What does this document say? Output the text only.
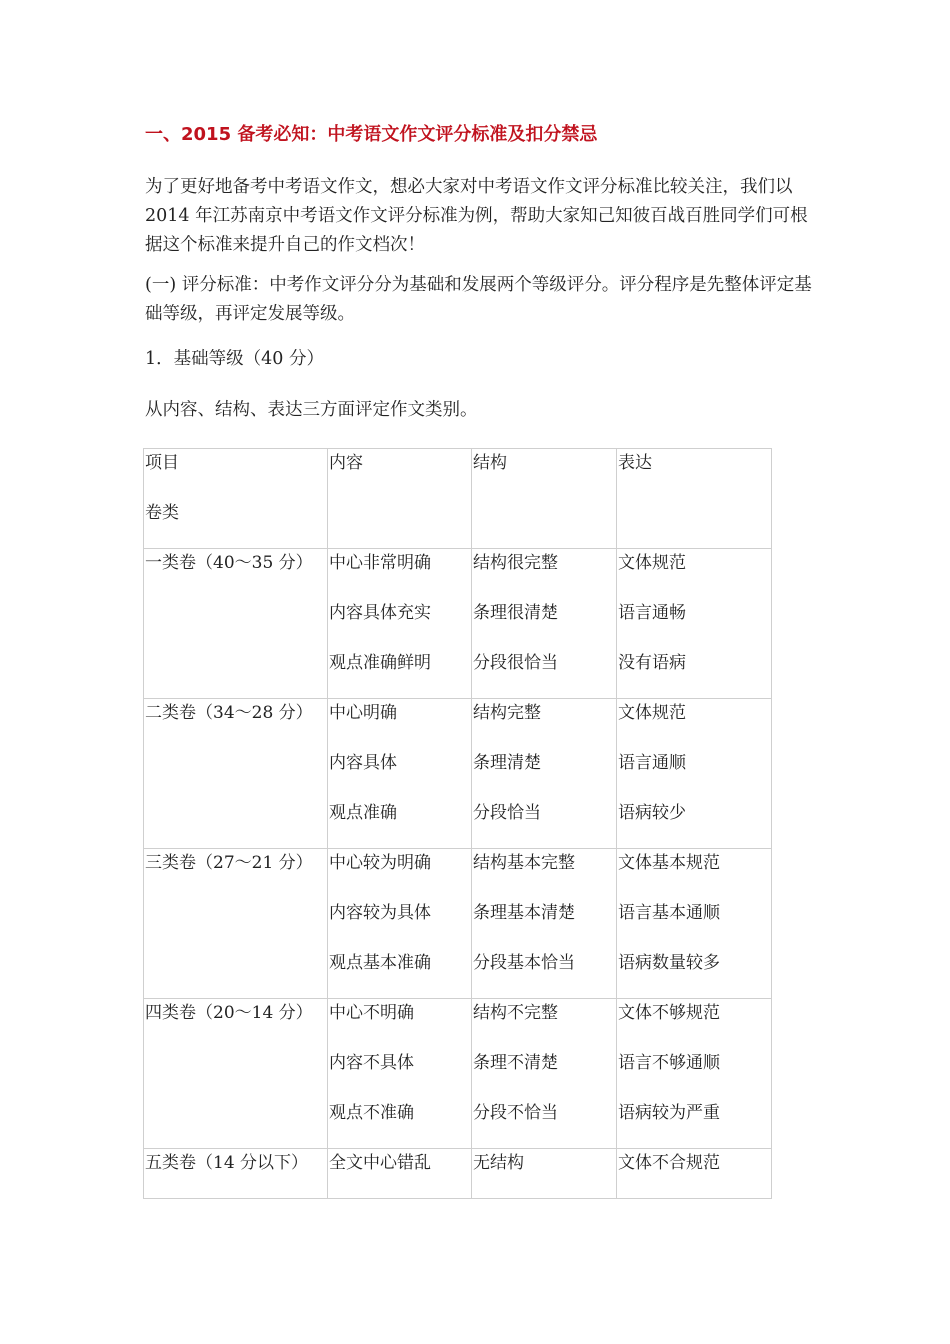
一、2015 备考必知：中考语文作文评分标准及扣分禁忌
为了更好地备考中考语文作文，想必大家对中考语文作文评分标准比较关注，我们以 2014 年江苏南京中考语文作文评分标准为例，帮助大家知己知彼百战百胜同学们可根据这个标准来提升自己的作文档次！
(一) 评分标准：中考作文评分分为基础和发展两个等级评分。评分程序是先整体评定基础等级，再评定发展等级。
1．基础等级（40 分）
从内容、结构、表达三方面评定作文类别。
项目
卷类	内容	结构	表达

一类卷（40～35 分）	中心非常明确
内容具体充实
观点准确鲜明	结构很完整
条理很清楚
分段很恰当	文体规范
语言通畅
没有语病

二类卷（34～28 分）	中心明确
内容具体
观点准确	结构完整
条理清楚
分段恰当	文体规范
语言通顺
语病较少

三类卷（27～21 分）	中心较为明确
内容较为具体
观点基本准确	结构基本完整
条理基本清楚
分段基本恰当	文体基本规范
语言基本通顺
语病数量较多

四类卷（20～14 分）	中心不明确
内容不具体
观点不准确	结构不完整
条理不清楚
分段不恰当	文体不够规范
语言不够通顺
语病较为严重

五类卷（14 分以下）	全文中心错乱	无结构	文体不合规范
